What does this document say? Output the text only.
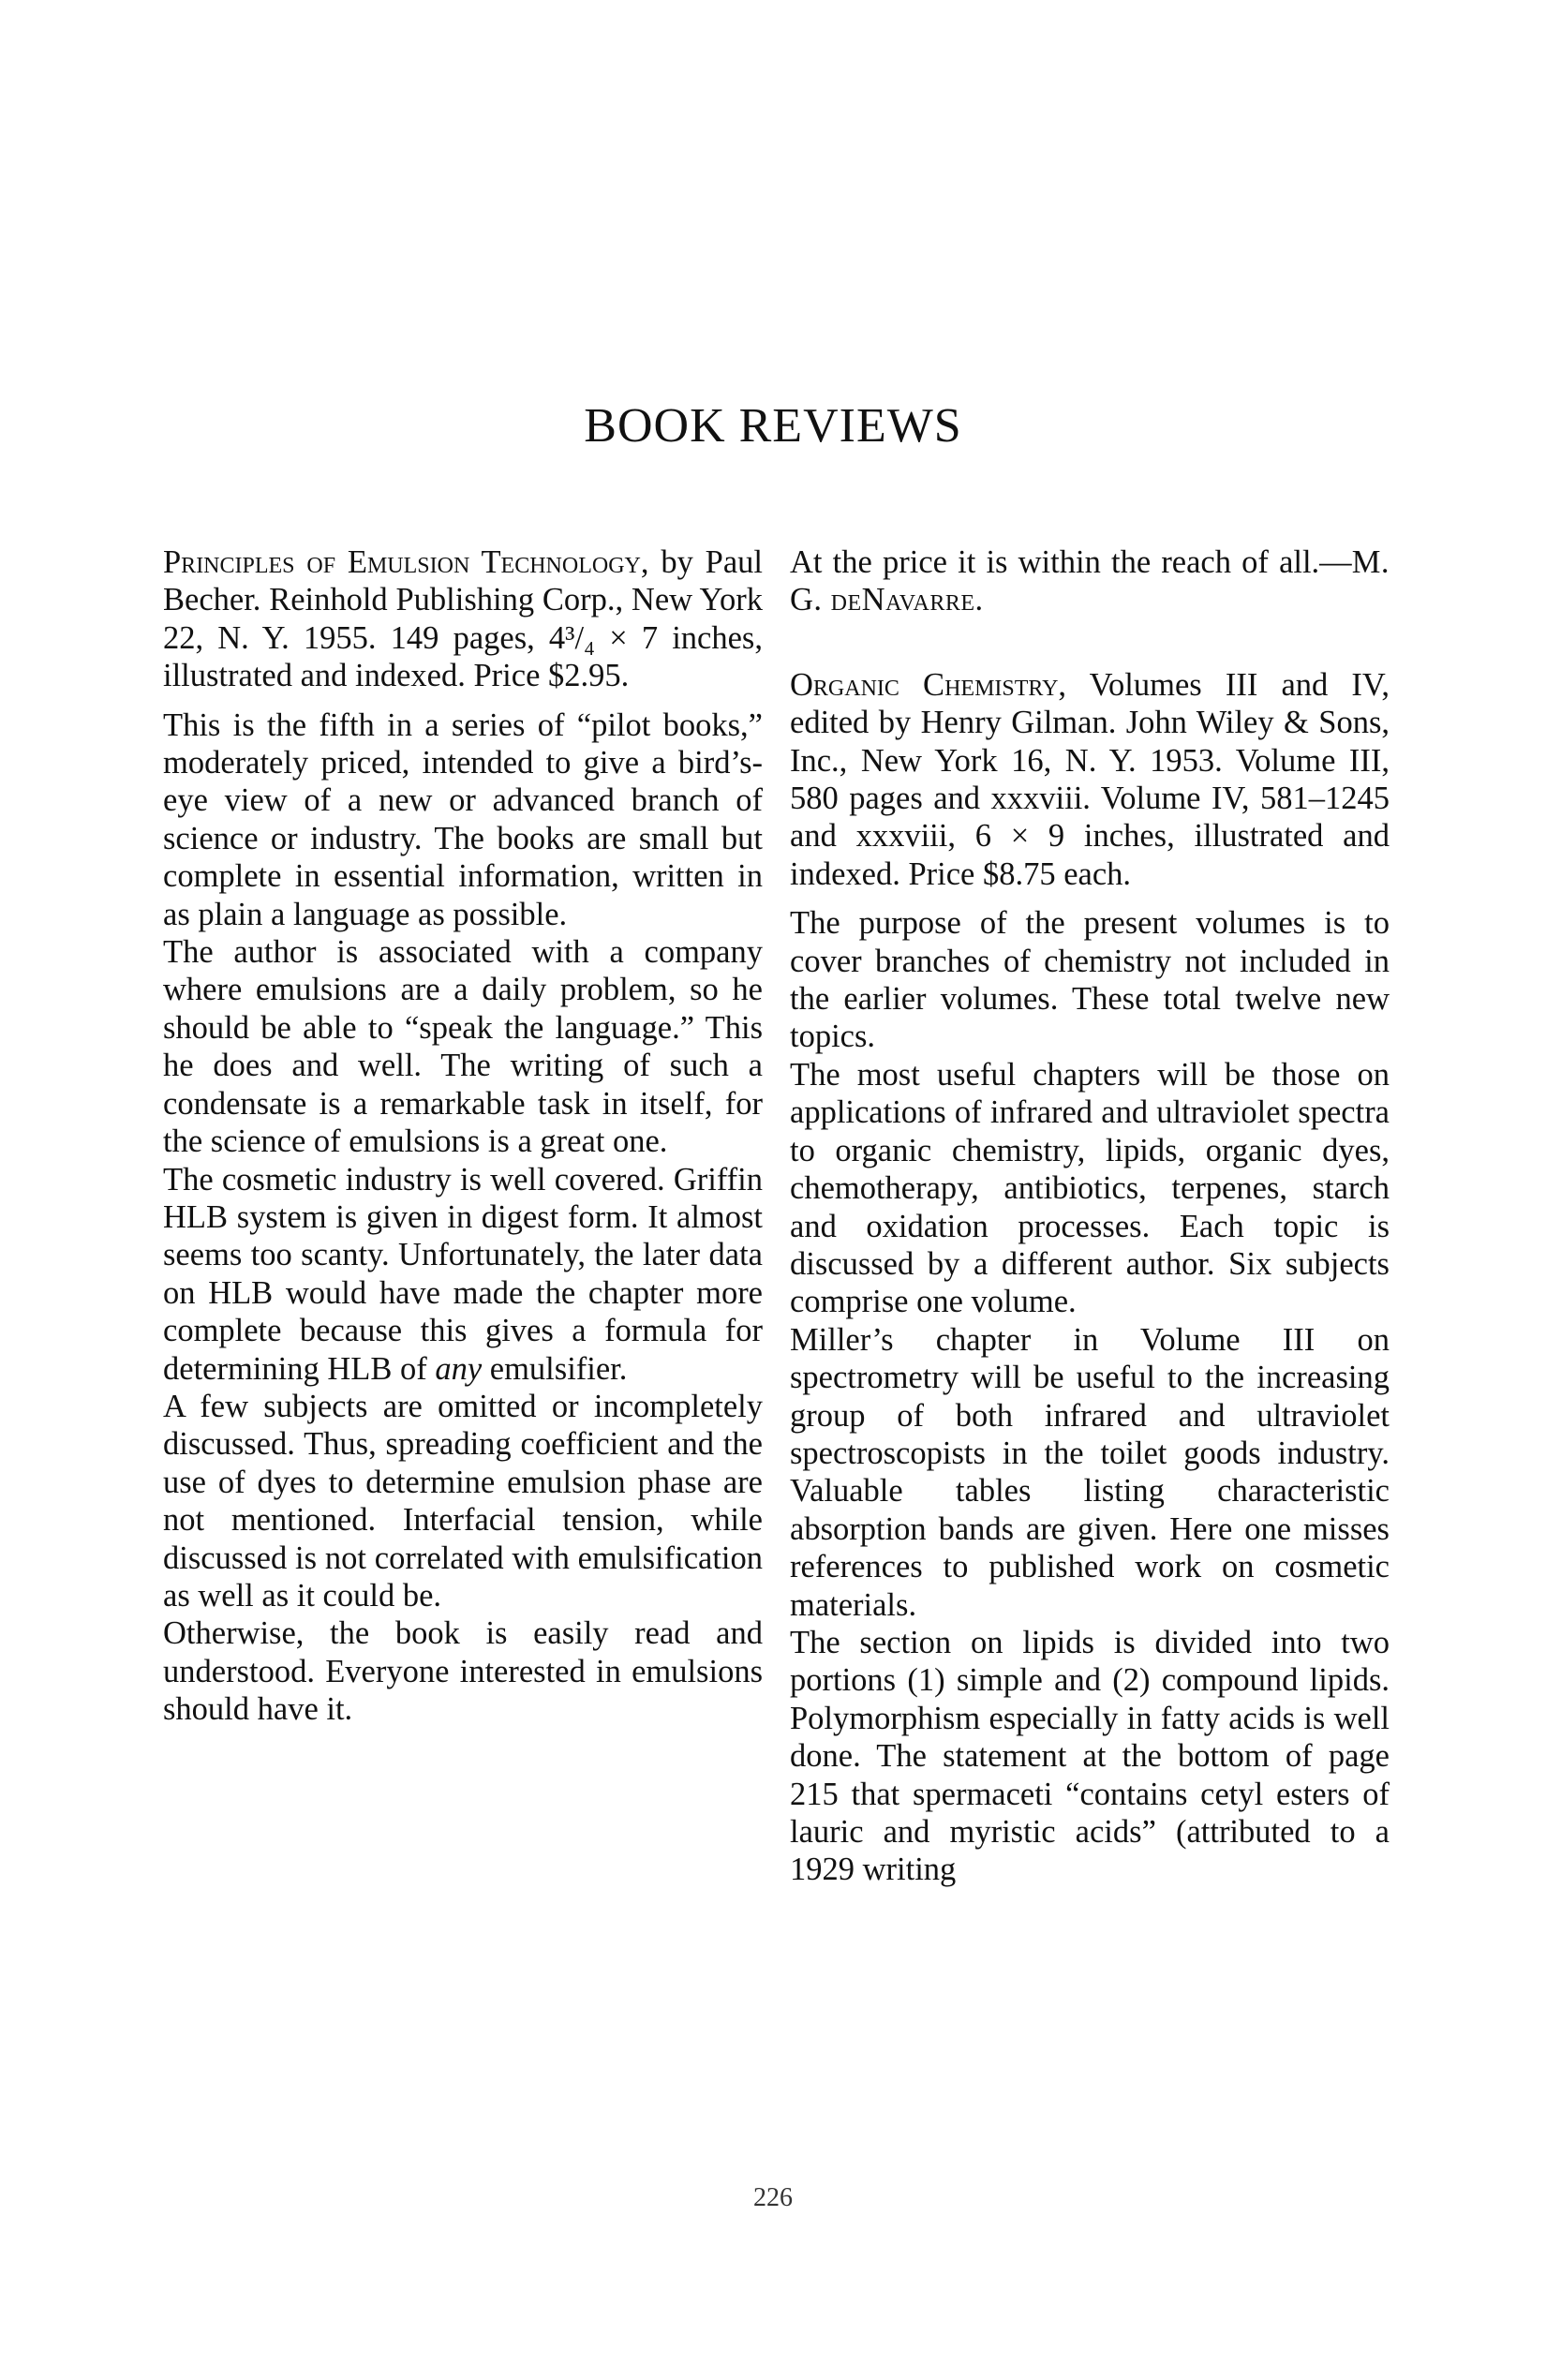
BOOK REVIEWS

Principles of Emulsion Technology, by Paul Becher. Reinhold Publishing Corp., New York 22, N. Y. 1955. 149 pages, 4³/₄ × 7 inches, illustrated and indexed. Price $2.95.

This is the fifth in a series of “pilot books,” moderately priced, intended to give a bird’s-eye view of a new or advanced branch of science or industry. The books are small but complete in essential information, written in as plain a language as possible.

The author is associated with a company where emulsions are a daily problem, so he should be able to “speak the language.” This he does and well. The writing of such a condensate is a remarkable task in itself, for the science of emulsions is a great one.

The cosmetic industry is well covered. Griffin HLB system is given in digest form. It almost seems too scanty. Unfortunately, the later data on HLB would have made the chapter more complete because this gives a formula for determining HLB of any emulsifier.

A few subjects are omitted or incompletely discussed. Thus, spreading coefficient and the use of dyes to determine emulsion phase are not mentioned. Interfacial tension, while discussed is not correlated with emulsification as well as it could be.

Otherwise, the book is easily read and understood. Everyone interested in emulsions should have it.

At the price it is within the reach of all.—M. G. deNavarre.

Organic Chemistry, Volumes III and IV, edited by Henry Gilman. John Wiley & Sons, Inc., New York 16, N. Y. 1953. Volume III, 580 pages and xxxviii. Volume IV, 581–1245 and xxxviii, 6 × 9 inches, illustrated and indexed. Price $8.75 each.

The purpose of the present volumes is to cover branches of chemistry not included in the earlier volumes. These total twelve new topics.

The most useful chapters will be those on applications of infrared and ultraviolet spectra to organic chemistry, lipids, organic dyes, chemotherapy, antibiotics, terpenes, starch and oxidation processes. Each topic is discussed by a different author. Six subjects comprise one volume.

Miller’s chapter in Volume III on spectrometry will be useful to the increasing group of both infrared and ultraviolet spectroscopists in the toilet goods industry. Valuable tables listing characteristic absorption bands are given. Here one misses references to published work on cosmetic materials.

The section on lipids is divided into two portions (1) simple and (2) compound lipids. Polymorphism especially in fatty acids is well done. The statement at the bottom of page 215 that spermaceti “contains cetyl esters of lauric and myristic acids” (attributed to a 1929 writing

226
